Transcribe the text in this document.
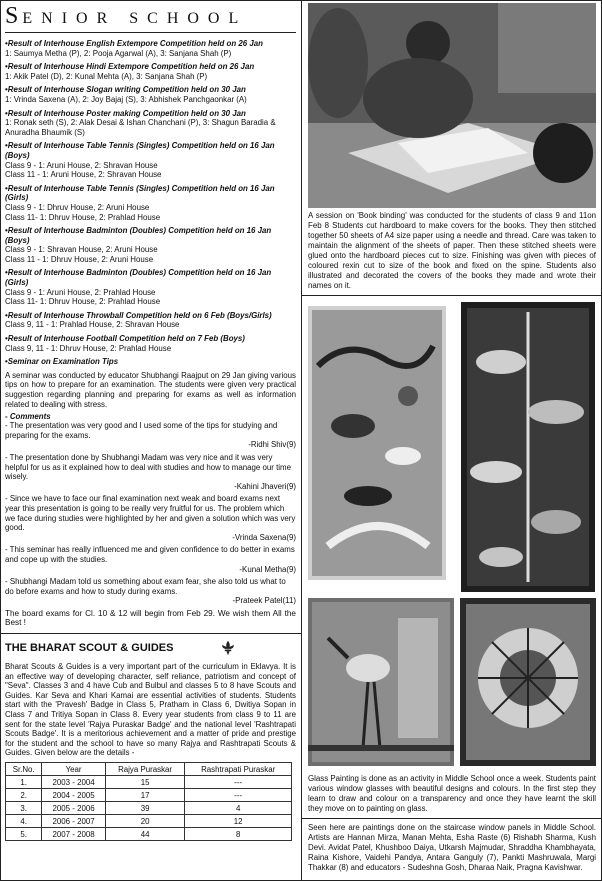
SENIOR SCHOOL
• Result of Interhouse English Extempore Competition held on 26 Jan
1: Saumya Metha (P), 2: Pooja Agarwal (A), 3: Sanjana Shah (P)
• Result of Interhouse Hindi Extempore Competition held on 26 Jan
1: Akik Patel (D), 2: Kunal Mehta (A), 3: Sanjana Shah (P)
• Result of Interhouse Slogan writing Competition held on 30 Jan
1: Vrinda Saxena (A), 2: Joy Bajaj (S), 3: Abhishek Panchgaonkar (A)
• Result of Interhouse Poster making Competition held on 30 Jan
1: Ronak seth (S), 2: Alak Desai & Ishan Chanchani (P), 3: Shagun Baradia & Anuradha Bhaumik (S)
• Result of Interhouse Table Tennis (Singles) Competition held on 16 Jan (Boys)
Class 9 - 1: Aruni House, 2: Shravan House
Class 11 - 1: Aruni House, 2: Shravan House
• Result of Interhouse Table Tennis (Singles) Competition held on 16 Jan (Girls)
Class 9 - 1: Dhruv House, 2: Aruni House
Class 11- 1: Dhruv House, 2: Prahlad House
• Result of Interhouse Badminton (Doubles) Competition held on 16 Jan (Boys)
Class 9 - 1: Shravan House, 2: Aruni House
Class 11 - 1: Dhruv House, 2: Aruni House
• Result of Interhouse Badminton (Doubles) Competition held on 16 Jan (Girls)
Class 9 - 1: Aruni House, 2: Prahlad House
Class 11- 1: Dhruv House, 2: Prahlad House
• Result of Interhouse Throwball Competition held on 6 Feb (Boys/Girls)
Class 9, 11 - 1: Prahlad House, 2: Shravan House
• Result of Interhouse Football Competition held on 7 Feb (Boys)
Class 9, 11 - 1: Dhruv House, 2: Prahlad House
• Seminar on Examination Tips
A seminar was conducted by educator Shubhangi Raajput on 29 Jan giving various tips on how to prepare for an examination. The students were given very practical suggestion regarding planning and preparing for exams as well as information related to dealing with stress.
- Comments
- The presentation was very good and I used some of the tips for studying and preparing for the exams.
-Ridhi Shiv(9)
- The presentation done by Shubhangi Madam was very nice and it was very helpful for us as it explained how to deal with studies and how to manage our time wisely.
-Kahini Jhaveri(9)
- Since we have to face our final examination next weak and board exams next year this presentation is going to be really very fruitful for us. The problem which we face during studies were highlighted by her and given a solution which was very good.
-Vrinda Saxena(9)
- This seminar has really influenced me and given confidence to do better in exams and cope up with the studies.
-Kunal Metha(9)
- Shubhangi Madam told us something about exam fear, she also told us what to do before exams and how to study during exams.
-Prateek Patel(11)
The board exams for Cl. 10 & 12 will begin from Feb 29. We wish them All the Best !
THE BHARAT SCOUT & GUIDES
Bharat Scouts & Guides is a very important part of the curriculum in Eklavya. It is an effective way of developing character, self reliance, patriotism and concept of "Seva". Classes 3 and 4 have Cub and Bulbul and classes 5 to 8 have Scouts and Guides. Kar Seva and Khari Kamai are essential activities of students. Students start with the 'Pravesh' Badge in Class 5, Pratham in Class 6, Dwitiya Sopan in Class 7 and Tritiya Sopan in Class 8. Every year students from class 9 to 11 are sent for the state level 'Rajya Puraskar Badge' and the national level 'Rashtrapati Scouts Badge'. It is a meritorious achievement and a matter of pride and prestige for the student and the school to have so many Rajya and Rashtrapati Scouts & Guides. Given below are the details -
Sr.No.	Year	Rajya Puraskar	Rashtrapati Puraskar
1.	2003 - 2004	15	---
2.	2004 - 2005	17	---
3.	2005 - 2006	39	4
4.	2006 - 2007	20	12
5.	2007 - 2008	44	8
A session on 'Book binding' was conducted for the students of class 9 and 11on Feb 8 Students cut hardboard to make covers for the books. They then stitched together 50 sheets of A4 size paper using a needle and thread. Care was taken to maintain the alignment of the sheets of paper. Then these stitched sheets were glued onto the hardboard pieces cut to size. Finishing was given with pieces of coloured rexin cut to size of the book and fixed on the spine. Students also illustrated and decorated the covers of the books they made and wrote their names on it.
Glass Painting is done as an activity in Middle School once a week. Students paint various window glasses with beautiful designs and colours. In the first step they learn to draw and colour on a transparency and once they have learnt the skill they move on to painting on glass.
Seen here are paintings done on the staircase window panels in Middle School. Artists are Hannan Mirza, Manan Mehta, Esha Raste (6) Rishabh Sharma, Kush Devi. Avidat Patel, Khushboo Daiya, Utkarsh Majmudar, Shraddha Khambhayata, Raina Kishore, Vaidehi Pandya, Antara Ganguly (7), Pankti Mashruwala, Margi Thakkar (8) and educators - Sudeshna Gosh, Dharaa Naik, Pragna Kavishwar.
